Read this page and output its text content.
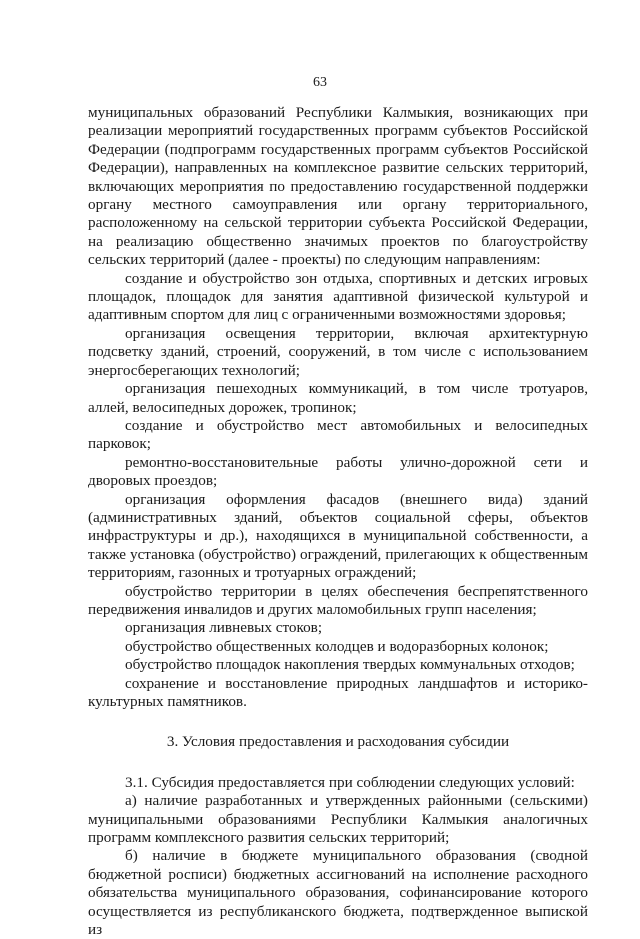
63

муниципальных образований Республики Калмыкия, возникающих при реализации мероприятий государственных программ субъектов Российской Федерации (подпрограмм государственных программ субъектов Российской Федерации), направленных на комплексное развитие сельских территорий, включающих мероприятия по предоставлению государственной поддержки органу местного самоуправления или органу территориального, расположенному на сельской территории субъекта Российской Федерации, на реализацию общественно значимых проектов по благоустройству сельских территорий (далее - проекты) по следующим направлениям:

создание и обустройство зон отдыха, спортивных и детских игровых площадок, площадок для занятия адаптивной физической культурой и адаптивным спортом для лиц с ограниченными возможностями здоровья;

организация освещения территории, включая архитектурную подсветку зданий, строений, сооружений, в том числе с использованием энергосберегающих технологий;

организация пешеходных коммуникаций, в том числе тротуаров, аллей, велосипедных дорожек, тропинок;

создание и обустройство мест автомобильных и велосипедных парковок;

ремонтно-восстановительные работы улично-дорожной сети и дворовых проездов;

организация оформления фасадов (внешнего вида) зданий (административных зданий, объектов социальной сферы, объектов инфраструктуры и др.), находящихся в муниципальной собственности, а также установка (обустройство) ограждений, прилегающих к общественным территориям, газонных и тротуарных ограждений;

обустройство территории в целях обеспечения беспрепятственного передвижения инвалидов и других маломобильных групп населения;

организация ливневых стоков;

обустройство общественных колодцев и водоразборных колонок;

обустройство площадок накопления твердых коммунальных отходов;

сохранение и восстановление природных ландшафтов и историко-культурных памятников.

3. Условия предоставления и расходования субсидии

3.1. Субсидия предоставляется при соблюдении следующих условий:

а) наличие разработанных и утвержденных районными (сельскими) муниципальными образованиями Республики Калмыкия аналогичных программ комплексного развития сельских территорий;

б) наличие в бюджете муниципального образования (сводной бюджетной росписи) бюджетных ассигнований на исполнение расходного обязательства муниципального образования, софинансирование которого осуществляется из республиканского бюджета, подтвержденное выпиской из
